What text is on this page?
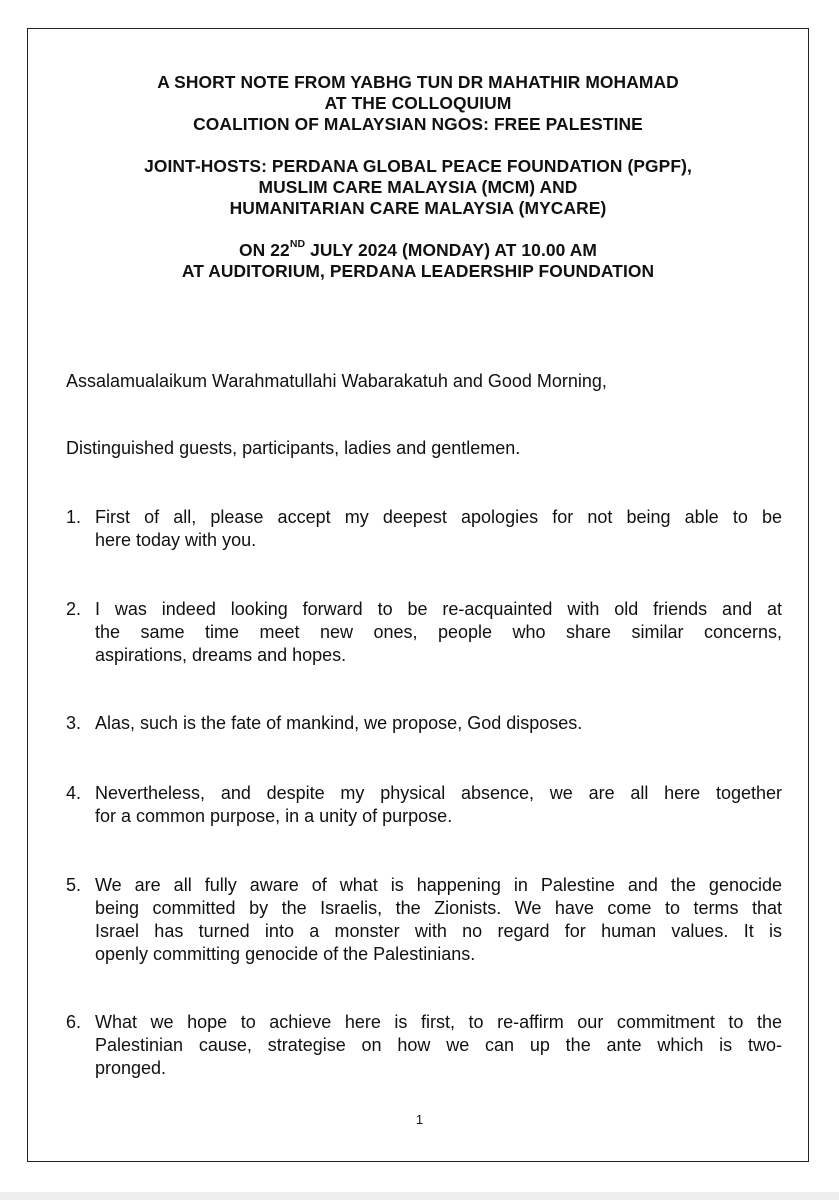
A SHORT NOTE FROM YABHG TUN DR MAHATHIR MOHAMAD
AT THE COLLOQUIUM
COALITION OF MALAYSIAN NGOS: FREE PALESTINE
JOINT-HOSTS: PERDANA GLOBAL PEACE FOUNDATION (PGPF),
MUSLIM CARE MALAYSIA (MCM) AND
HUMANITARIAN CARE MALAYSIA (MYCARE)
ON 22ND JULY 2024 (MONDAY) AT 10.00 AM
AT AUDITORIUM, PERDANA LEADERSHIP FOUNDATION
Assalamualaikum Warahmatullahi Wabarakatuh and Good Morning,
Distinguished guests, participants, ladies and gentlemen.
1. First of all, please accept my deepest apologies for not being able to be
here today with you.
2. I was indeed looking forward to be re-acquainted with old friends and at
the same time meet new ones, people who share similar concerns,
aspirations, dreams and hopes.
3. Alas, such is the fate of mankind, we propose, God disposes.
4. Nevertheless, and despite my physical absence, we are all here together
for a common purpose, in a unity of purpose.
5. We are all fully aware of what is happening in Palestine and the genocide
being committed by the Israelis, the Zionists. We have come to terms that
Israel has turned into a monster with no regard for human values. It is
openly committing genocide of the Palestinians.
6. What we hope to achieve here is first, to re-affirm our commitment to the
Palestinian cause, strategise on how we can up the ante which is two-
pronged.
1
